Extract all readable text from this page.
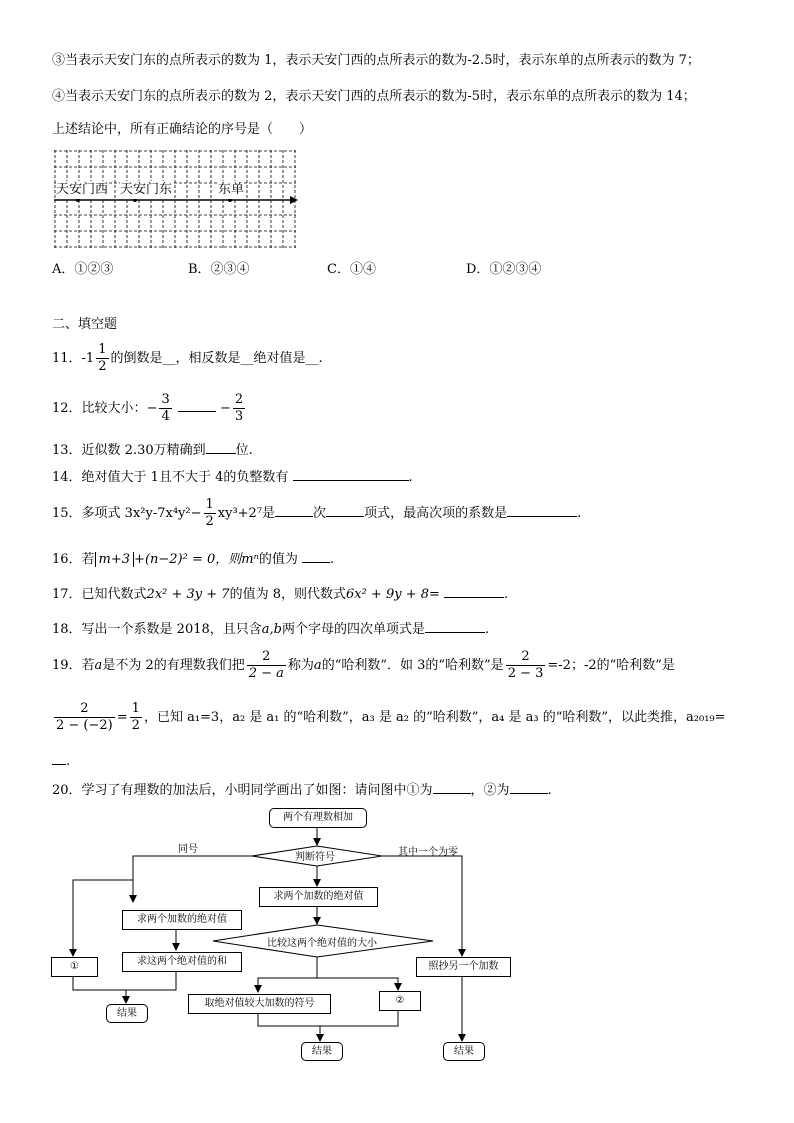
③当表示天安门东的点所表示的数为 1，表示天安门西的点所表示的数为-2.5时，表示东单的点所表示的数为 7；
④当表示天安门东的点所表示的数为 2，表示天安门西的点所表示的数为-5时，表示东单的点所表示的数为 14；
上述结论中，所有正确结论的序号是（　　）
天安门西 天安门东	东单
A．①②③	B．②③④	C．①④	D．①②③④
二、填空题
11．$-1 \frac{1}{2}$ 的倒数是__，相反数是__绝对值是__.
12．比较大小：− $\frac{3}{4}$	− $\frac{2}{3}$
13．近似数 2.30万精确到 位.
14．绝对值大于 1且不大于 4的负整数有	.
15．多项式 $3x^2y-7x^4y^2- \frac{1}{2} xy^3+2^7$是	次	项式，最高次项的系数是	.
16．若 m+3 +(n−2)² = 0，则mⁿ的值为 .
17．已知代数式2x² + 3y + 7的值为 8，则代数式6x² + 9y + 8=	.
18．写出一个系数是 2018，且只含a,b两个字母的四次单项式是	.
19．若a是不为 2的有理数我们把 $\frac{2}{2 - a}$ 称为a的“哈利数”．如 3的“哈利数”是 $\frac{2}{2 - 3} =-2$；-2的“哈利数”是
$\frac{2}{2 - (-2)} = \frac{1}{2}$ ，已知 a₁=3，a₂ 是 a₁ 的“哈利数”，a₃ 是 a₂ 的“哈利数”，a₄ 是 a₃ 的“哈利数”，以此类推，a₂₀₁₉=
.
20．学习了有理数的加法后，小明同学画出了如图：请问图中①为	，②为	.
两个有理数相加
判断符号
同号	其中一个为零
求两个加数的绝对值
比较这两个绝对值的大小
求两个加数的绝对值
求这两个绝对值的和
①
取绝对值较大加数的符号	②
照抄另一个加数
结果
结果	结果
